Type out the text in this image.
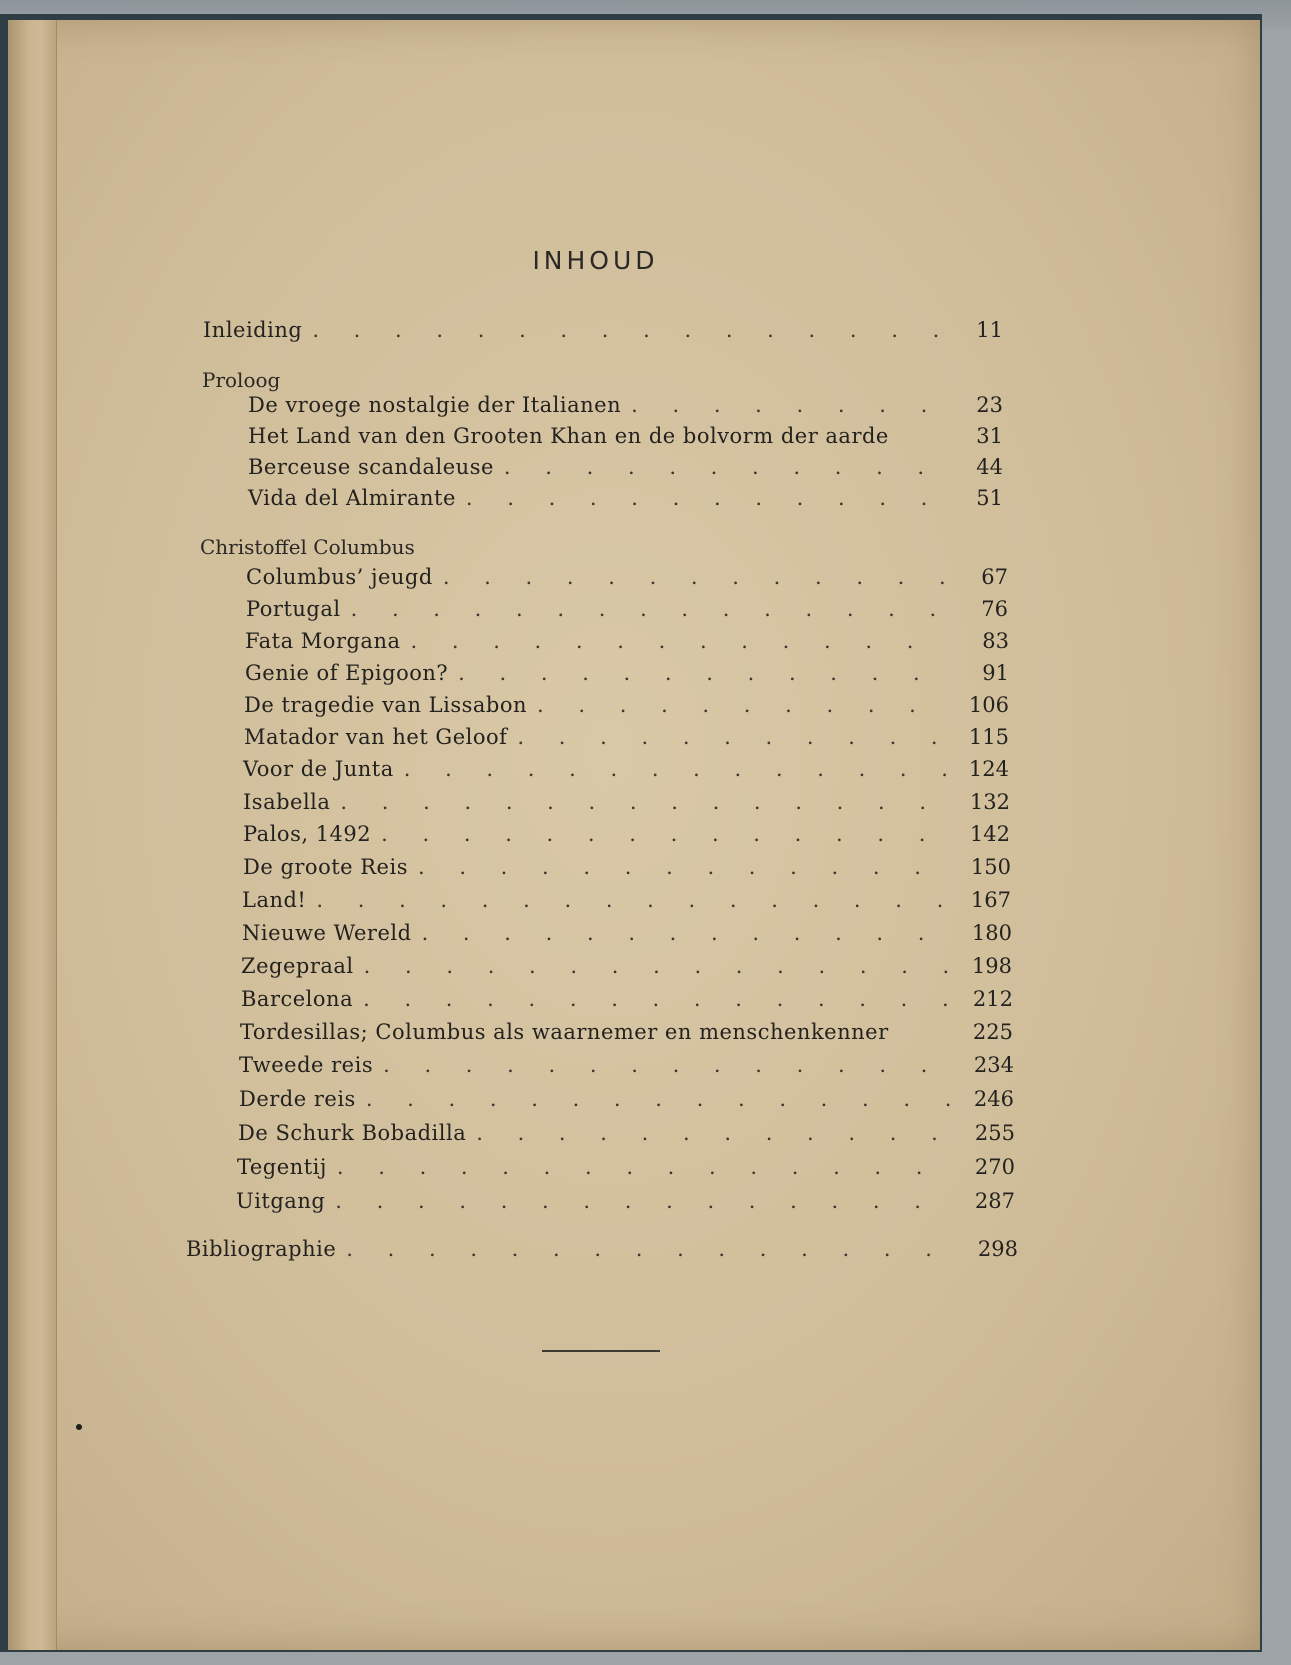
INHOUD
Inleiding . . .	11
Proloog
De vroege nostalgie der Italianen . . .	23
Het Land van den Grooten Khan en de bolvorm der aarde	31
Berceuse scandaleuse . . .	44
Vida del Almirante . . .	51
Christoffel Columbus
Columbus’ jeugd . . .	67
Portugal . . .	76
Fata Morgana . . .	83
Genie of Epigoon? . . .	91
De tragedie van Lissabon . . .	106
Matador van het Geloof . . .	115
Voor de Junta . . .	124
Isabella . . .	132
Palos, 1492 . . .	142
De groote Reis . . .	150
Land! . . .	167
Nieuwe Wereld . . .	180
Zegepraal . . .	198
Barcelona . . .	212
Tordesillas; Columbus als waarnemer en menschenkenner	225
Tweede reis . . .	234
Derde reis . . .	246
De Schurk Bobadilla . . .	255
Tegentij . . .	270
Uitgang . . .	287
Bibliographie . . .	298
